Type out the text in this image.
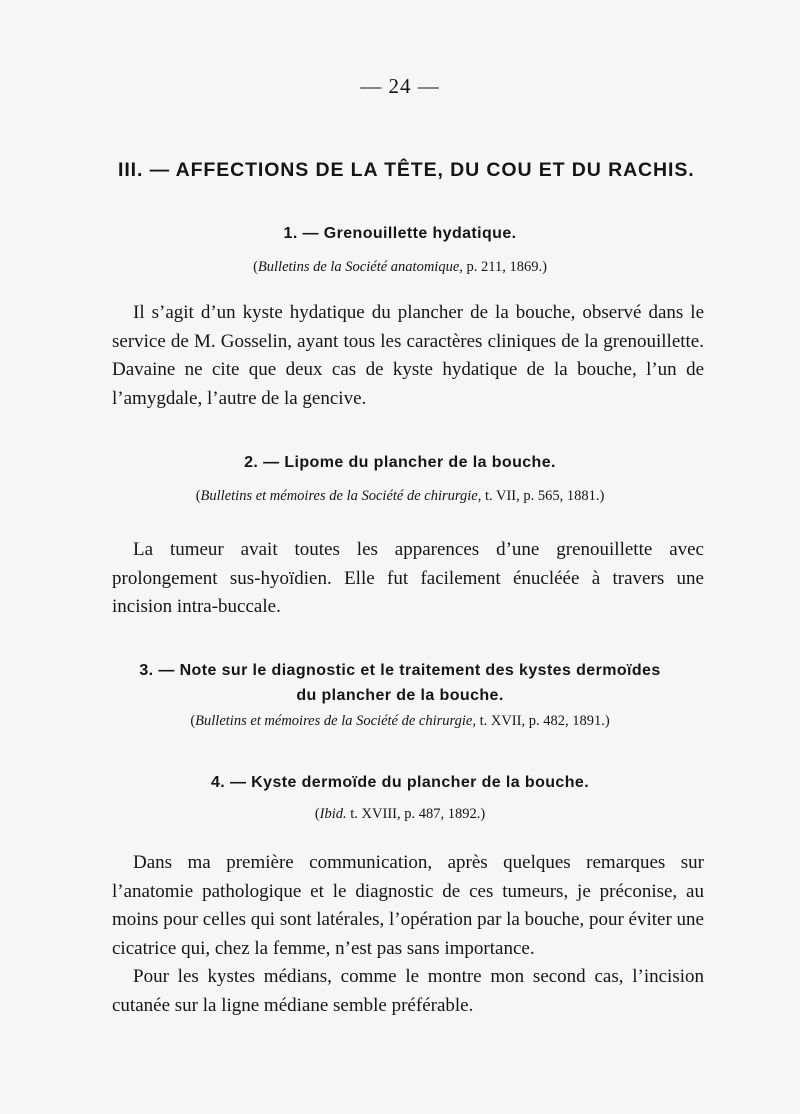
— 24 —
III. — AFFECTIONS DE LA TÊTE, DU COU ET DU RACHIS.
1. — Grenouillette hydatique.
(Bulletins de la Société anatomique, p. 211, 1869.)

Il s’agit d’un kyste hydatique du plancher de la bouche, observé dans le service de M. Gosselin, ayant tous les caractères cliniques de la grenouillette. Davaine ne cite que deux cas de kyste hydatique de la bouche, l’un de l’amygdale, l’autre de la gencive.

2. — Lipome du plancher de la bouche.
(Bulletins et mémoires de la Société de chirurgie, t. VII, p. 565, 1881.)

La tumeur avait toutes les apparences d’une grenouillette avec prolongement sus-hyoïdien. Elle fut facilement énucléée à travers une incision intra-buccale.

3. — Note sur le diagnostic et le traitement des kystes dermoïdes
du plancher de la bouche.
(Bulletins et mémoires de la Société de chirurgie, t. XVII, p. 482, 1891.)
4. — Kyste dermoïde du plancher de la bouche.
(Ibid. t. XVIII, p. 487, 1892.)

Dans ma première communication, après quelques remarques sur l’anatomie pathologique et le diagnostic de ces tumeurs, je préconise, au moins pour celles qui sont latérales, l’opération par la bouche, pour éviter une cicatrice qui, chez la femme, n’est pas sans importance.

Pour les kystes médians, comme le montre mon second cas, l’incision cutanée sur la ligne médiane semble préférable.
